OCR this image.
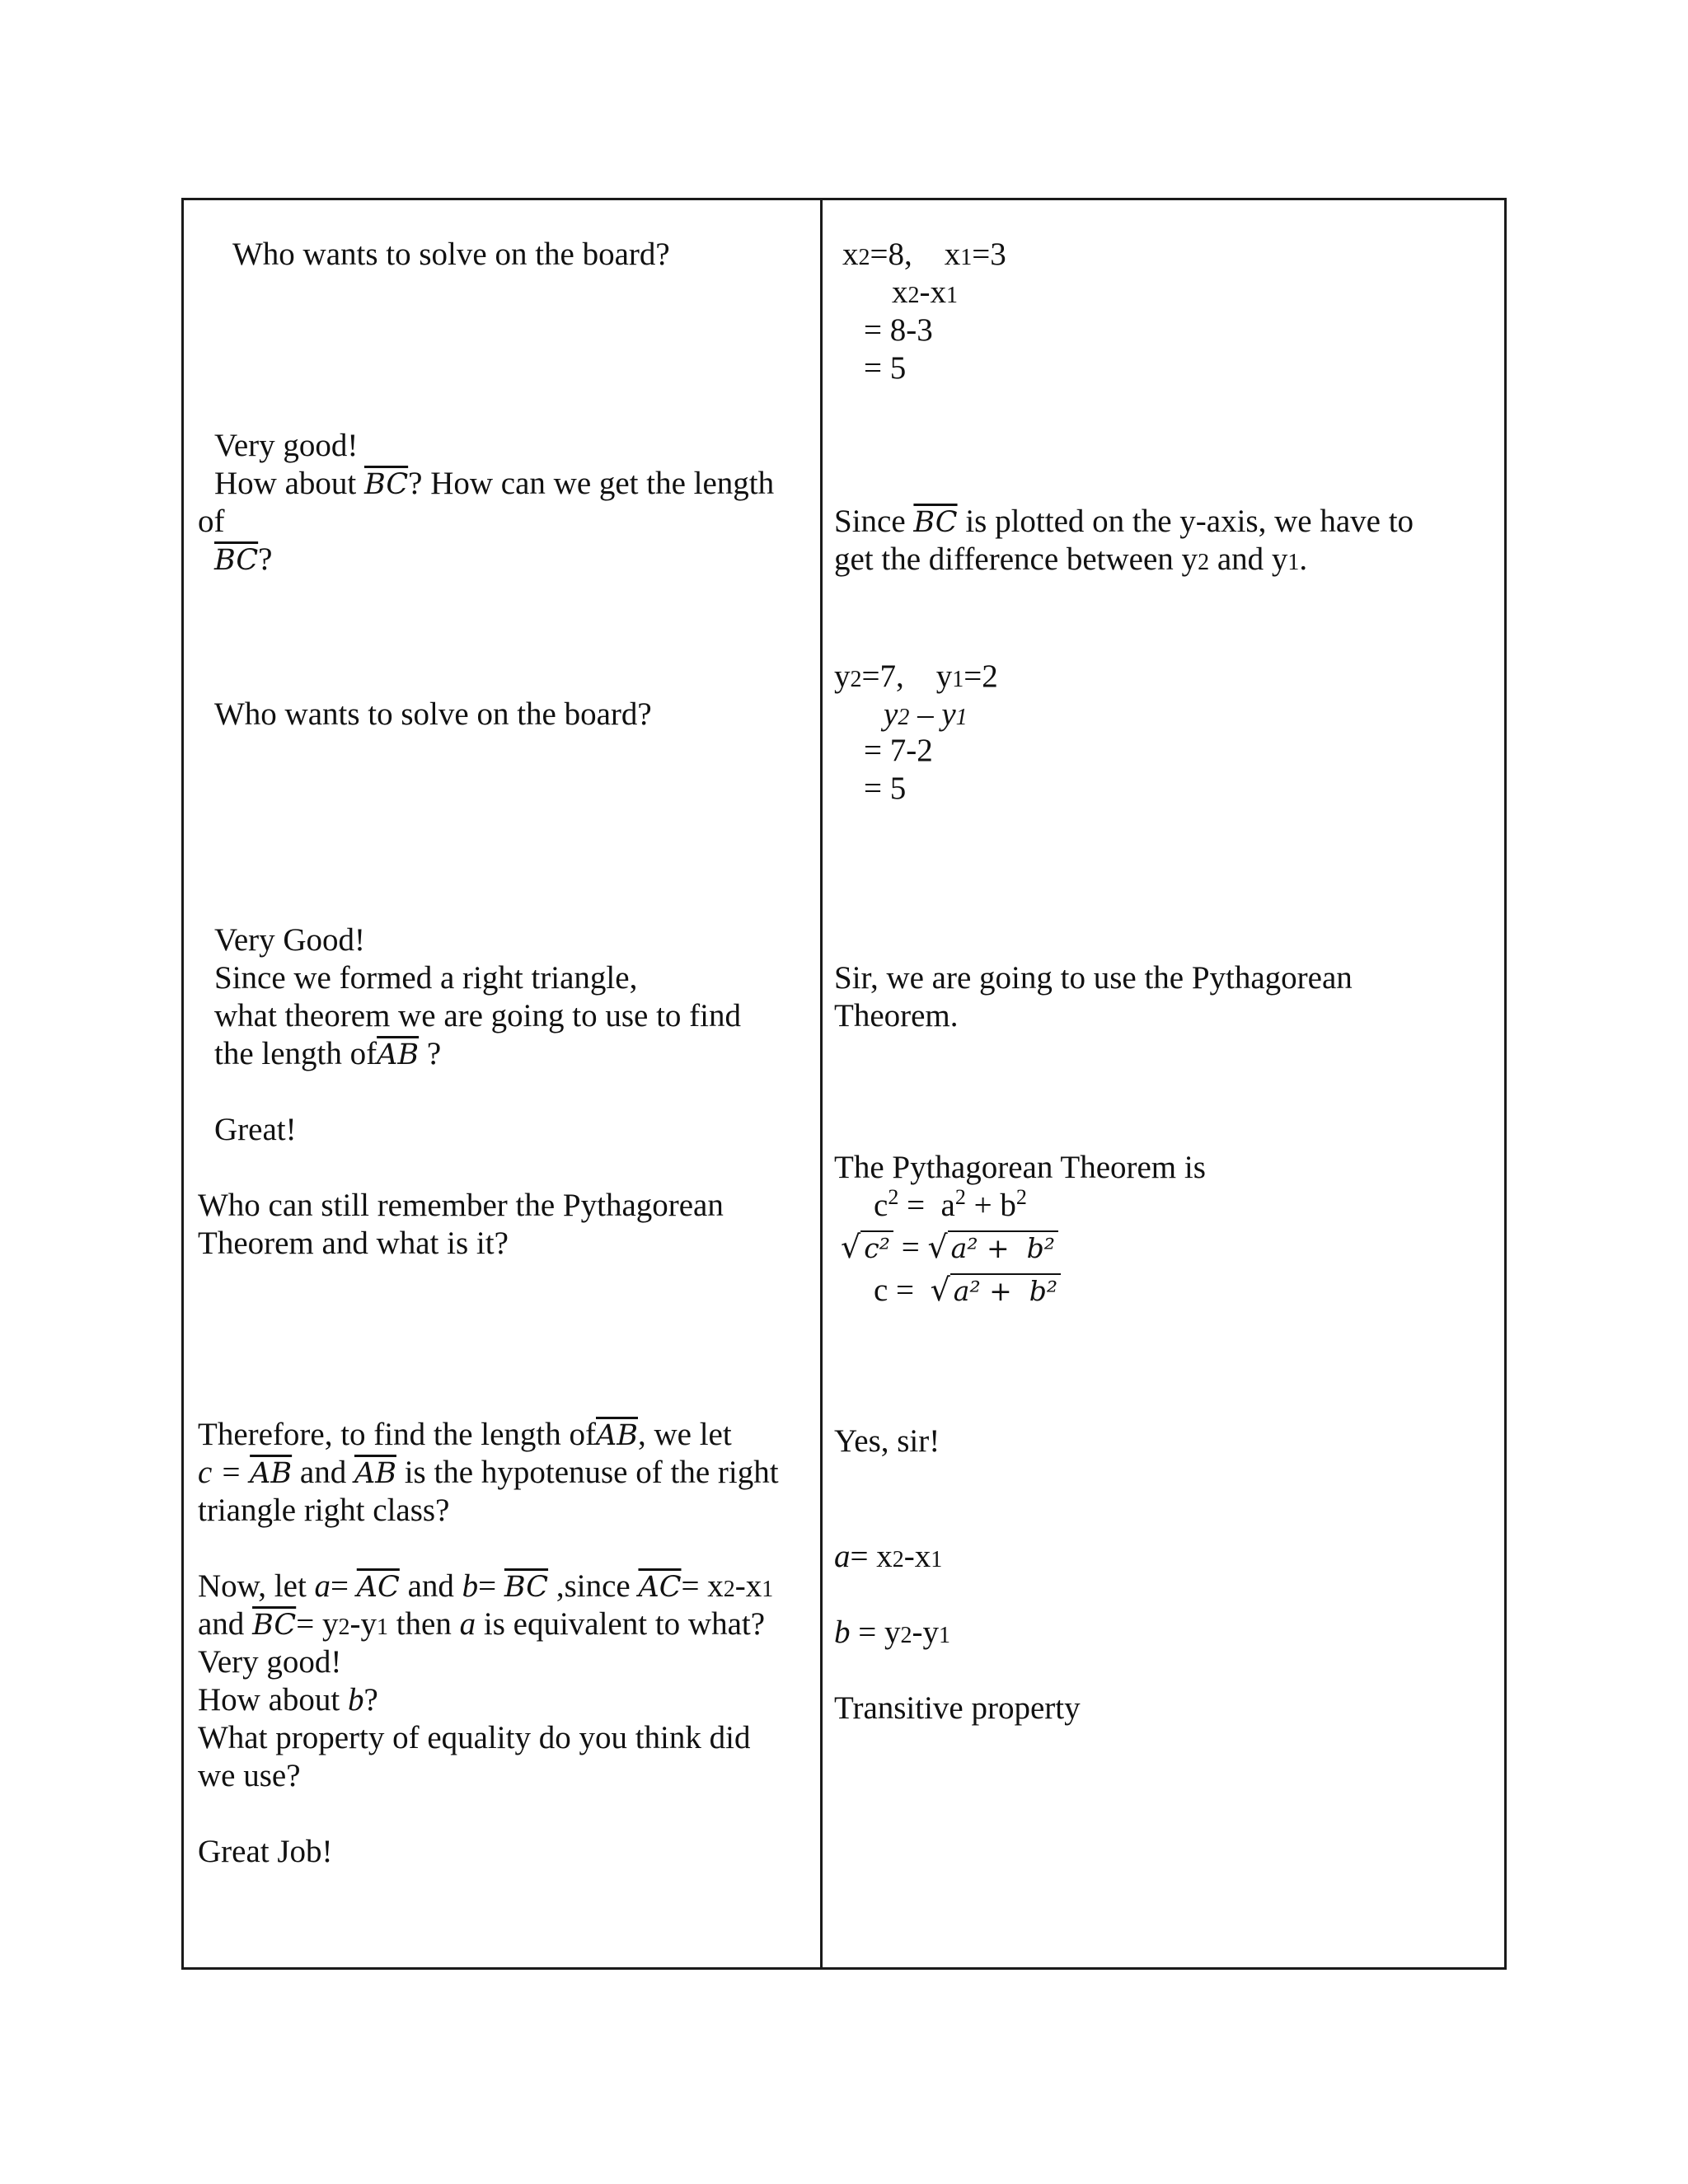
Who wants to solve on the board?
Very good!
How about $\overline{BC}$? How can we get the length
of
$\overline{BC}$?
Who wants to solve on the board?
Very Good!
Since we formed a right triangle,
what theorem we are going to use to find
the length $of\overline{AB}$ ?
Great!
Who can still remember the Pythagorean
Theorem and what is it?
Therefore, to find the length $of\overline{AB}$, we let
$c = \overline{AB}$ and $\overline{AB}$ is the hypotenuse of the right
triangle right class?
Now, let $a= \overline{AC}$ and $b= \overline{BC}$ ,since $\overline{AC}= x2-x1$
and $\overline{BC}= y2-y1$ then a is equivalent to what?
Very good!
How about b?
What property of equality do you think did
we use?
Great Job!
x2=8,    x1=3
x2-x1
= 8-3
= 5
Since $\overline{BC}$ is plotted on the y-axis, we have to
get the difference between y2 and y1.
y2=7,    y1=2
y2 – y1
= 7-2
= 5
Sir, we are going to use the Pythagorean
Theorem.
The Pythagorean Theorem is
$c^2 = a^2 + b^2$
√ c² = √ a² +  b²
c =  √ a² +  b²
Yes, sir!
a= x2-x1
b = y2-y1
Transitive property
